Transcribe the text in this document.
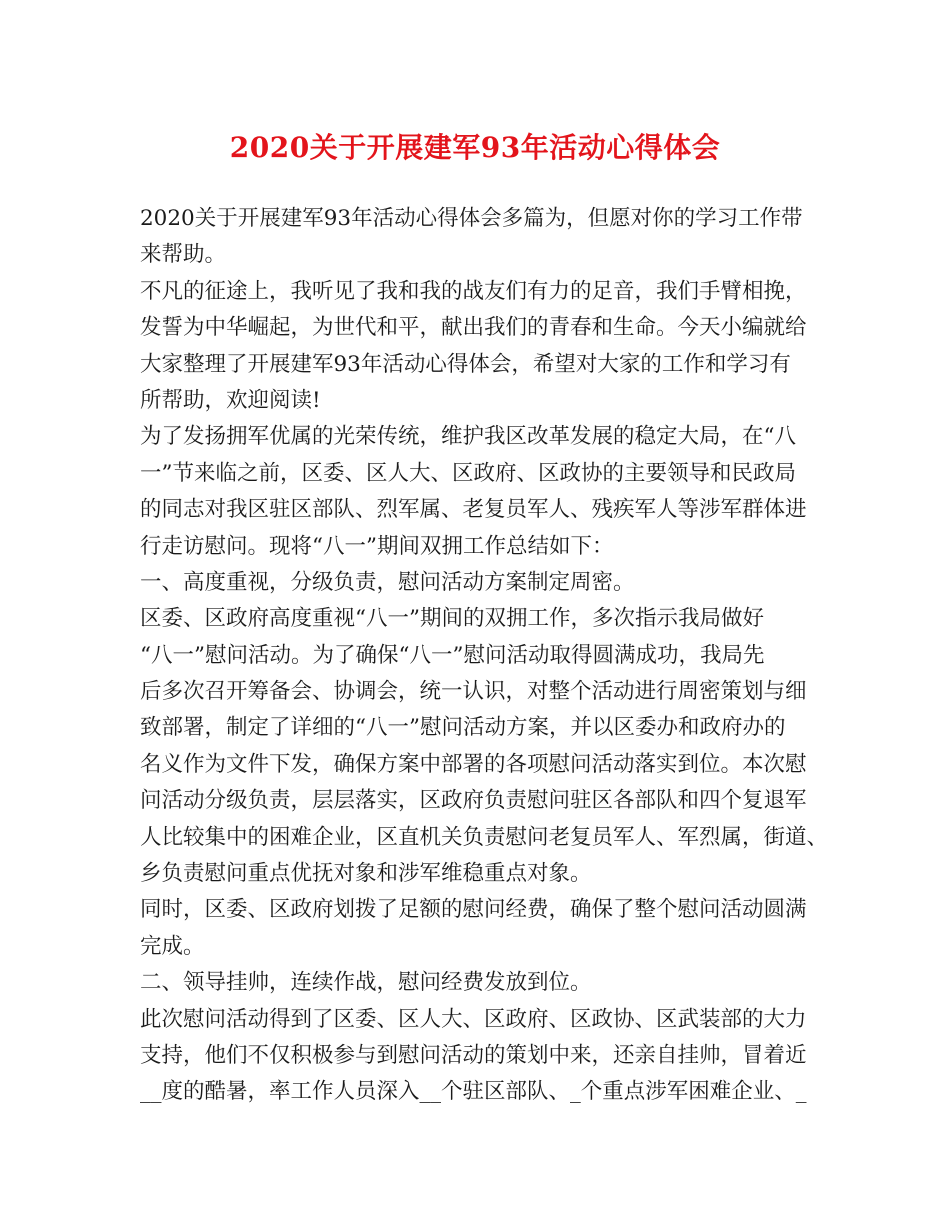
2020关于开展建军93年活动心得体会
2020关于开展建军93年活动心得体会多篇为，但愿对你的学习工作带
来帮助。
不凡的征途上，我听见了我和我的战友们有力的足音，我们手臂相挽，
发誓为中华崛起，为世代和平，献出我们的青春和生命。今天小编就给
大家整理了开展建军93年活动心得体会，希望对大家的工作和学习有
所帮助，欢迎阅读!
为了发扬拥军优属的光荣传统，维护我区改革发展的稳定大局，在“八
一”节来临之前，区委、区人大、区政府、区政协的主要领导和民政局
的同志对我区驻区部队、烈军属、老复员军人、残疾军人等涉军群体进
行走访慰问。现将“八一”期间双拥工作总结如下：
一、高度重视，分级负责，慰问活动方案制定周密。
区委、区政府高度重视“八一”期间的双拥工作，多次指示我局做好
“八一”慰问活动。为了确保“八一”慰问活动取得圆满成功，我局先
后多次召开筹备会、协调会，统一认识，对整个活动进行周密策划与细
致部署，制定了详细的“八一”慰问活动方案，并以区委办和政府办的
名义作为文件下发，确保方案中部署的各项慰问活动落实到位。本次慰
问活动分级负责，层层落实，区政府负责慰问驻区各部队和四个复退军
人比较集中的困难企业，区直机关负责慰问老复员军人、军烈属，街道、
乡负责慰问重点优抚对象和涉军维稳重点对象。
同时，区委、区政府划拨了足额的慰问经费，确保了整个慰问活动圆满
完成。
二、领导挂帅，连续作战，慰问经费发放到位。
此次慰问活动得到了区委、区人大、区政府、区政协、区武装部的大力
支持，他们不仅积极参与到慰问活动的策划中来，还亲自挂帅，冒着近
__度的酷暑，率工作人员深入__个驻区部队、_个重点涉军困难企业、_
